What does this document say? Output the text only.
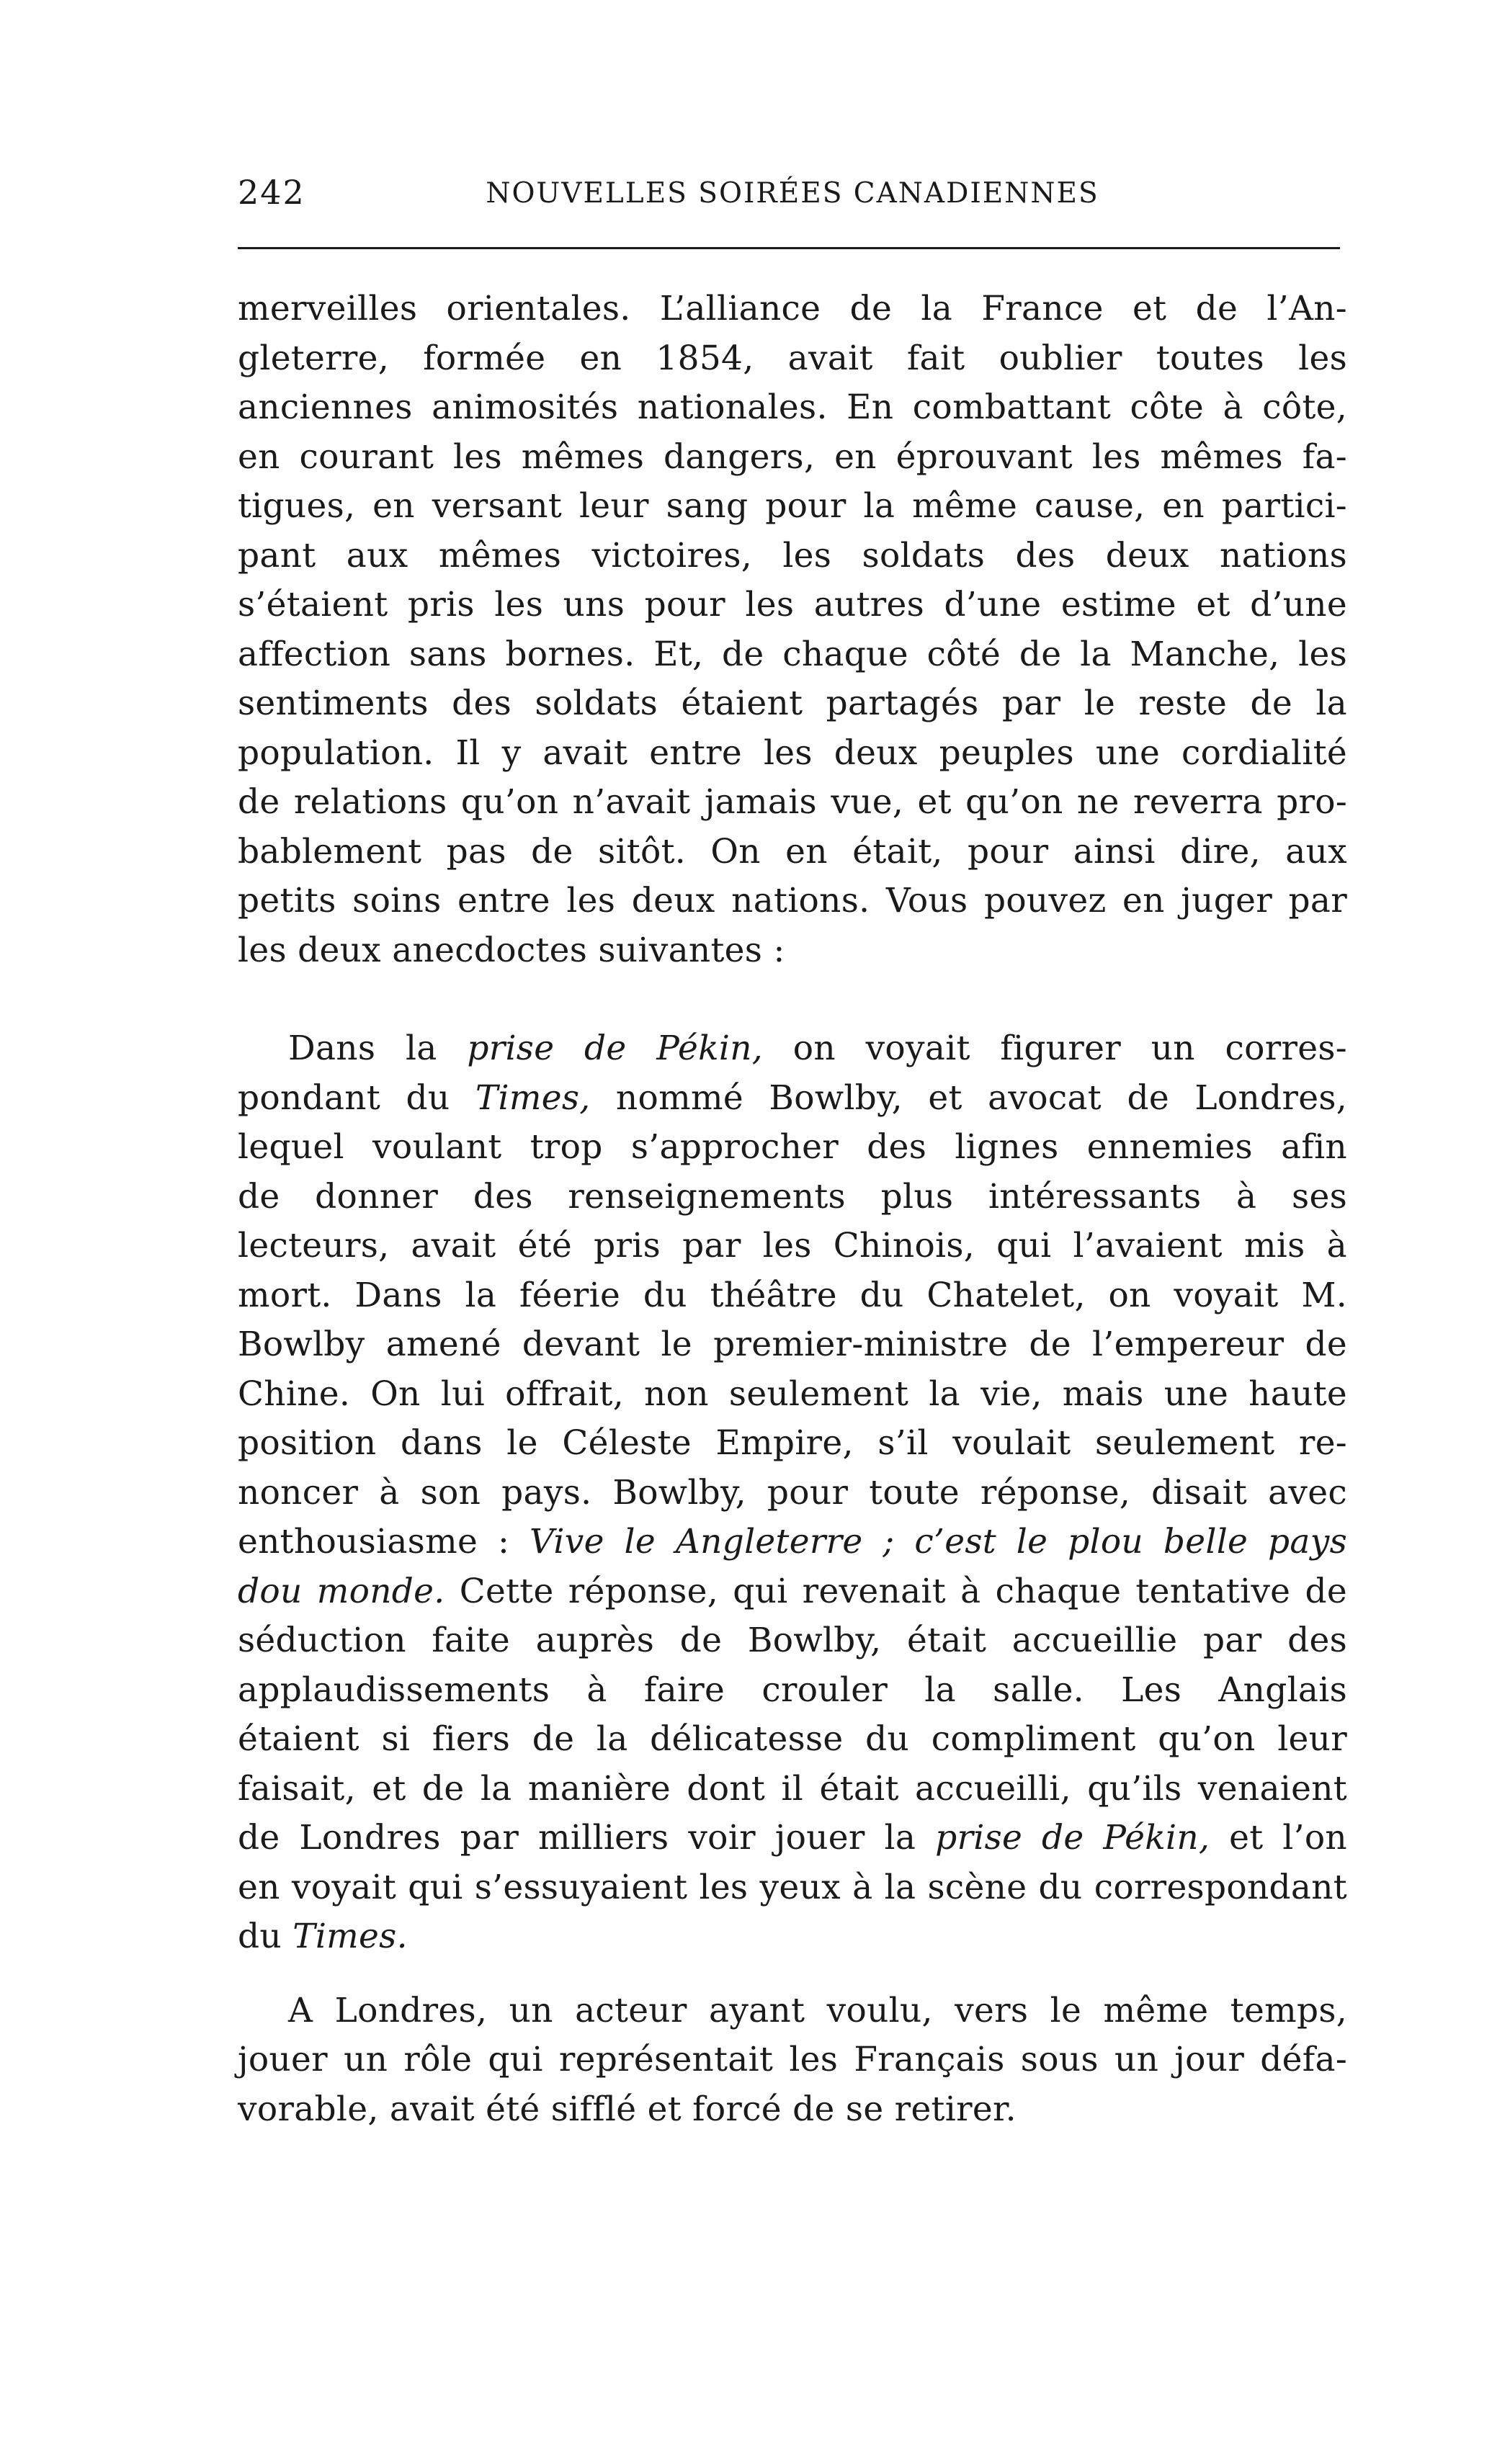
242	NOUVELLES SOIRÉES CANADIENNES

merveilles orientales. L’alliance de la France et de l’An-
gleterre, formée en 1854, avait fait oublier toutes les
anciennes animosités nationales. En combattant côte à côte,
en courant les mêmes dangers, en éprouvant les mêmes fa-
tigues, en versant leur sang pour la même cause, en partici-
pant aux mêmes victoires, les soldats des deux nations
s’étaient pris les uns pour les autres d’une estime et d’une
affection sans bornes. Et, de chaque côté de la Manche, les
sentiments des soldats étaient partagés par le reste de la
population. Il y avait entre les deux peuples une cordialité
de relations qu’on n’avait jamais vue, et qu’on ne reverra pro-
bablement pas de sitôt. On en était, pour ainsi dire, aux
petits soins entre les deux nations. Vous pouvez en juger par
les deux anecdoctes suivantes :

Dans la prise de Pékin, on voyait figurer un corres-
pondant du Times, nommé Bowlby, et avocat de Londres,
lequel voulant trop s’approcher des lignes ennemies afin
de donner des renseignements plus intéressants à ses
lecteurs, avait été pris par les Chinois, qui l’avaient mis à
mort. Dans la féerie du théâtre du Chatelet, on voyait M.
Bowlby amené devant le premier-ministre de l’empereur de
Chine. On lui offrait, non seulement la vie, mais une haute
position dans le Céleste Empire, s’il voulait seulement re-
noncer à son pays. Bowlby, pour toute réponse, disait avec
enthousiasme : Vive le Angleterre ; c’est le plou belle pays
dou monde. Cette réponse, qui revenait à chaque tentative de
séduction faite auprès de Bowlby, était accueillie par des
applaudissements à faire crouler la salle. Les Anglais
étaient si fiers de la délicatesse du compliment qu’on leur
faisait, et de la manière dont il était accueilli, qu’ils venaient
de Londres par milliers voir jouer la prise de Pékin, et l’on
en voyait qui s’essuyaient les yeux à la scène du correspondant
du Times.

A Londres, un acteur ayant voulu, vers le même temps,
jouer un rôle qui représentait les Français sous un jour défa-
vorable, avait été sifflé et forcé de se retirer.
